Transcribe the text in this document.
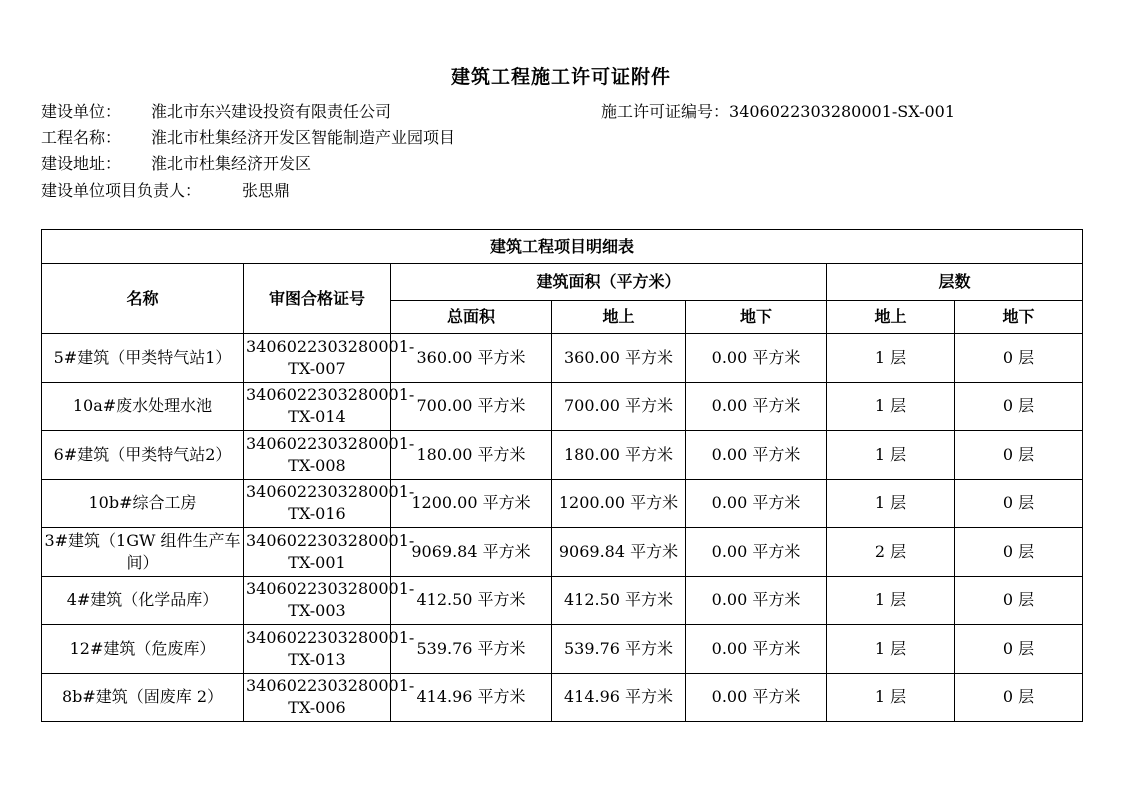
建筑工程施工许可证附件
建设单位： 淮北市东兴建设投资有限责任公司	施工许可证编号：3406022303280001-SX-001
工程名称： 淮北市杜集经济开发区智能制造产业园项目
建设地址： 淮北市杜集经济开发区
建设单位项目负责人：	张思鼎
建筑工程项目明细表						
名称	审图合格证号	建筑面积（平方米）			层数	
		总面积	地上	地下	地上	地下
5#建筑（甲类特气站1）	3406022303280001-TX-007	360.00 平方米	360.00 平方米	0.00 平方米	1 层	0 层
10a#废水处理水池	3406022303280001-TX-014	700.00 平方米	700.00 平方米	0.00 平方米	1 层	0 层
6#建筑（甲类特气站2）	3406022303280001-TX-008	180.00 平方米	180.00 平方米	0.00 平方米	1 层	0 层
10b#综合工房	3406022303280001-TX-016	1200.00 平方米	1200.00 平方米	0.00 平方米	1 层	0 层
3#建筑（1GW 组件生产车间）	3406022303280001-TX-001	9069.84 平方米	9069.84 平方米	0.00 平方米	2 层	0 层
4#建筑（化学品库）	3406022303280001-TX-003	412.50 平方米	412.50 平方米	0.00 平方米	1 层	0 层
12#建筑（危废库）	3406022303280001-TX-013	539.76 平方米	539.76 平方米	0.00 平方米	1 层	0 层
8b#建筑（固废库 2）	3406022303280001-TX-006	414.96 平方米	414.96 平方米	0.00 平方米	1 层	0 层
